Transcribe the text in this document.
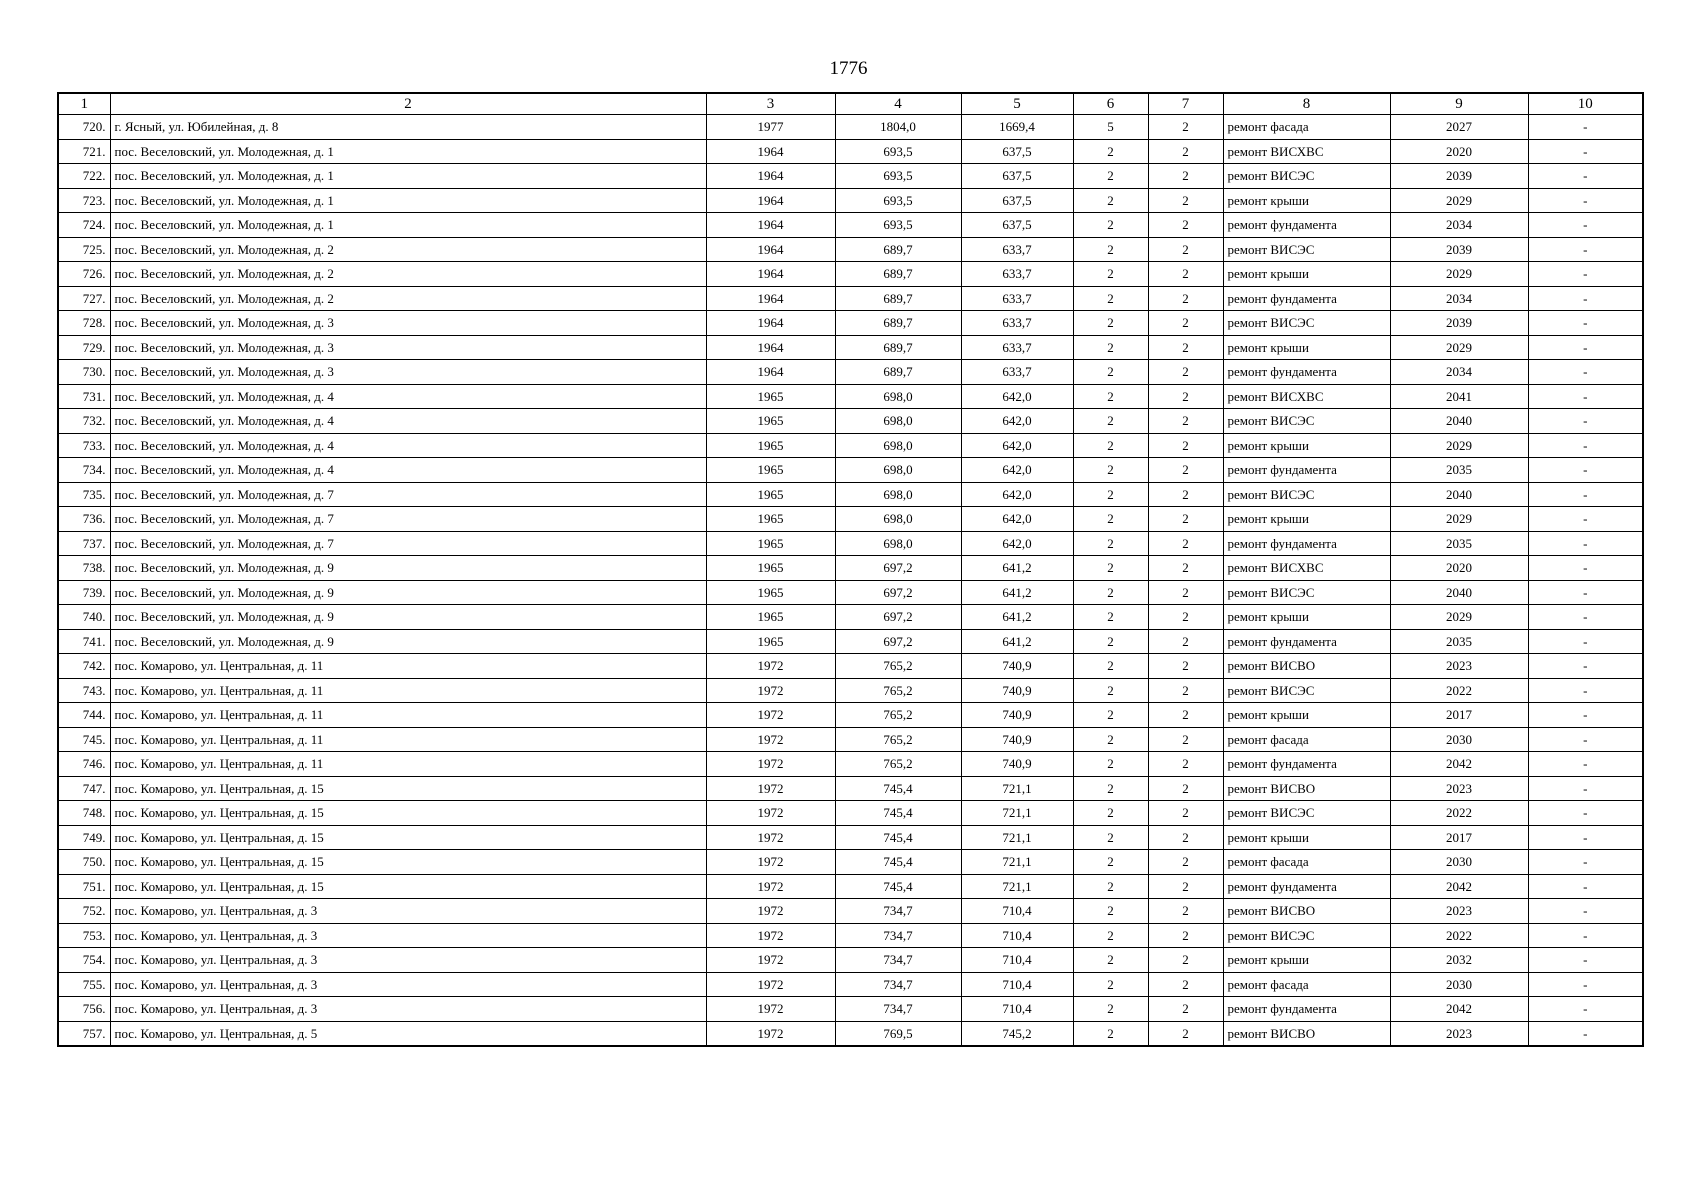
1776
1	2	3	4	5	6	7	8	9	10
720.	г. Ясный, ул. Юбилейная, д. 8	1977	1804,0	1669,4	5	2	ремонт фасада	2027	-
721.	пос. Веселовский, ул. Молодежная, д. 1	1964	693,5	637,5	2	2	ремонт ВИСХВС	2020	-
722.	пос. Веселовский, ул. Молодежная, д. 1	1964	693,5	637,5	2	2	ремонт ВИСЭС	2039	-
723.	пос. Веселовский, ул. Молодежная, д. 1	1964	693,5	637,5	2	2	ремонт крыши	2029	-
724.	пос. Веселовский, ул. Молодежная, д. 1	1964	693,5	637,5	2	2	ремонт фундамента	2034	-
725.	пос. Веселовский, ул. Молодежная, д. 2	1964	689,7	633,7	2	2	ремонт ВИСЭС	2039	-
726.	пос. Веселовский, ул. Молодежная, д. 2	1964	689,7	633,7	2	2	ремонт крыши	2029	-
727.	пос. Веселовский, ул. Молодежная, д. 2	1964	689,7	633,7	2	2	ремонт фундамента	2034	-
728.	пос. Веселовский, ул. Молодежная, д. 3	1964	689,7	633,7	2	2	ремонт ВИСЭС	2039	-
729.	пос. Веселовский, ул. Молодежная, д. 3	1964	689,7	633,7	2	2	ремонт крыши	2029	-
730.	пос. Веселовский, ул. Молодежная, д. 3	1964	689,7	633,7	2	2	ремонт фундамента	2034	-
731.	пос. Веселовский, ул. Молодежная, д. 4	1965	698,0	642,0	2	2	ремонт ВИСХВС	2041	-
732.	пос. Веселовский, ул. Молодежная, д. 4	1965	698,0	642,0	2	2	ремонт ВИСЭС	2040	-
733.	пос. Веселовский, ул. Молодежная, д. 4	1965	698,0	642,0	2	2	ремонт крыши	2029	-
734.	пос. Веселовский, ул. Молодежная, д. 4	1965	698,0	642,0	2	2	ремонт фундамента	2035	-
735.	пос. Веселовский, ул. Молодежная, д. 7	1965	698,0	642,0	2	2	ремонт ВИСЭС	2040	-
736.	пос. Веселовский, ул. Молодежная, д. 7	1965	698,0	642,0	2	2	ремонт крыши	2029	-
737.	пос. Веселовский, ул. Молодежная, д. 7	1965	698,0	642,0	2	2	ремонт фундамента	2035	-
738.	пос. Веселовский, ул. Молодежная, д. 9	1965	697,2	641,2	2	2	ремонт ВИСХВС	2020	-
739.	пос. Веселовский, ул. Молодежная, д. 9	1965	697,2	641,2	2	2	ремонт ВИСЭС	2040	-
740.	пос. Веселовский, ул. Молодежная, д. 9	1965	697,2	641,2	2	2	ремонт крыши	2029	-
741.	пос. Веселовский, ул. Молодежная, д. 9	1965	697,2	641,2	2	2	ремонт фундамента	2035	-
742.	пос. Комарово, ул. Центральная, д. 11	1972	765,2	740,9	2	2	ремонт ВИСВО	2023	-
743.	пос. Комарово, ул. Центральная, д. 11	1972	765,2	740,9	2	2	ремонт ВИСЭС	2022	-
744.	пос. Комарово, ул. Центральная, д. 11	1972	765,2	740,9	2	2	ремонт крыши	2017	-
745.	пос. Комарово, ул. Центральная, д. 11	1972	765,2	740,9	2	2	ремонт фасада	2030	-
746.	пос. Комарово, ул. Центральная, д. 11	1972	765,2	740,9	2	2	ремонт фундамента	2042	-
747.	пос. Комарово, ул. Центральная, д. 15	1972	745,4	721,1	2	2	ремонт ВИСВО	2023	-
748.	пос. Комарово, ул. Центральная, д. 15	1972	745,4	721,1	2	2	ремонт ВИСЭС	2022	-
749.	пос. Комарово, ул. Центральная, д. 15	1972	745,4	721,1	2	2	ремонт крыши	2017	-
750.	пос. Комарово, ул. Центральная, д. 15	1972	745,4	721,1	2	2	ремонт фасада	2030	-
751.	пос. Комарово, ул. Центральная, д. 15	1972	745,4	721,1	2	2	ремонт фундамента	2042	-
752.	пос. Комарово, ул. Центральная, д. 3	1972	734,7	710,4	2	2	ремонт ВИСВО	2023	-
753.	пос. Комарово, ул. Центральная, д. 3	1972	734,7	710,4	2	2	ремонт ВИСЭС	2022	-
754.	пос. Комарово, ул. Центральная, д. 3	1972	734,7	710,4	2	2	ремонт крыши	2032	-
755.	пос. Комарово, ул. Центральная, д. 3	1972	734,7	710,4	2	2	ремонт фасада	2030	-
756.	пос. Комарово, ул. Центральная, д. 3	1972	734,7	710,4	2	2	ремонт фундамента	2042	-
757.	пос. Комарово, ул. Центральная, д. 5	1972	769,5	745,2	2	2	ремонт ВИСВО	2023	-
